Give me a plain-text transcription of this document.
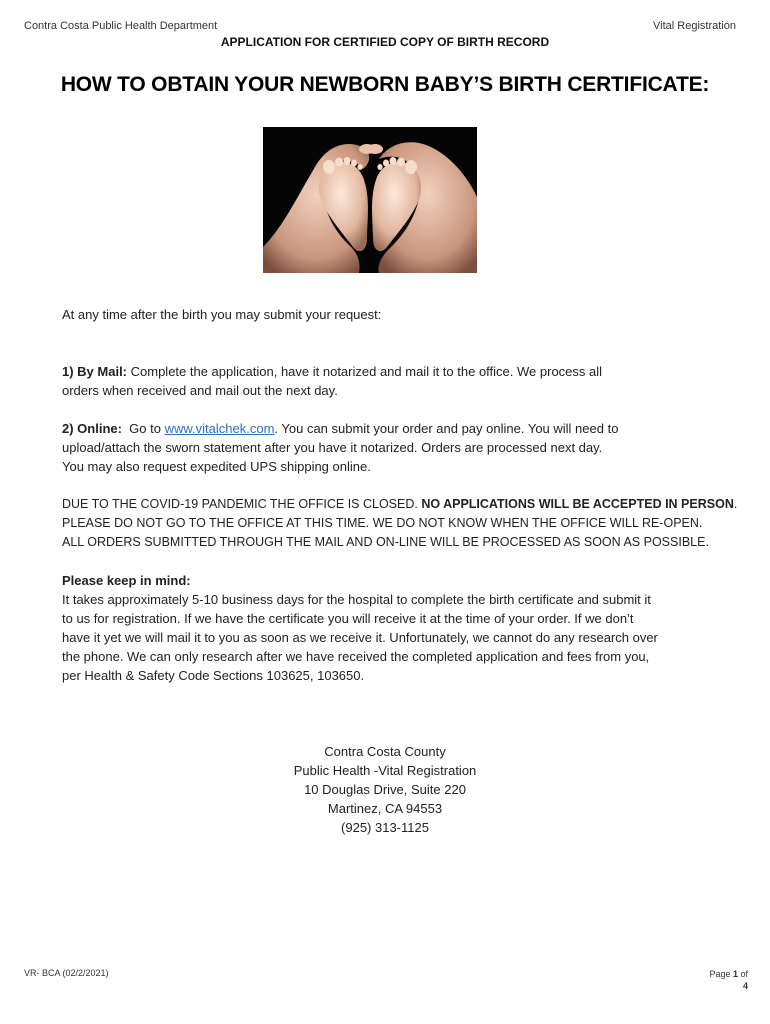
Contra Costa Public Health Department	Vital Registration
APPLICATION FOR CERTIFIED COPY OF BIRTH RECORD
HOW TO OBTAIN YOUR NEWBORN BABY’S BIRTH CERTIFICATE:
At any time after the birth you may submit your request:

1) By Mail: Complete the application, have it notarized and mail it to the office. We process all

orders when received and mail out the next day.

2) Online:  Go to www.vitalchek.com. You can submit your order and pay online. You will need to

upload/attach the sworn statement after you have it notarized. Orders are processed next day.

You may also request expedited UPS shipping online.

DUE TO THE COVID-19 PANDEMIC THE OFFICE IS CLOSED. NO APPLICATIONS WILL BE ACCEPTED IN PERSON.

PLEASE DO NOT GO TO THE OFFICE AT THIS TIME. WE DO NOT KNOW WHEN THE OFFICE WILL RE-OPEN.

ALL ORDERS SUBMITTED THROUGH THE MAIL AND ON-LINE WILL BE PROCESSED AS SOON AS POSSIBLE.

Please keep in mind:

It takes approximately 5-10 business days for the hospital to complete the birth certificate and submit it

to us for registration. If we have the certificate you will receive it at the time of your order. If we don’t

have it yet we will mail it to you as soon as we receive it. Unfortunately, we cannot do any research over

the phone. We can only research after we have received the completed application and fees from you,

per Health & Safety Code Sections 103625, 103650.

Contra Costa County

Public Health -Vital Registration

10 Douglas Drive, Suite 220

Martinez, CA 94553

(925) 313-1125

VR- BCA (02/2/2021)	Page 1 of
4
